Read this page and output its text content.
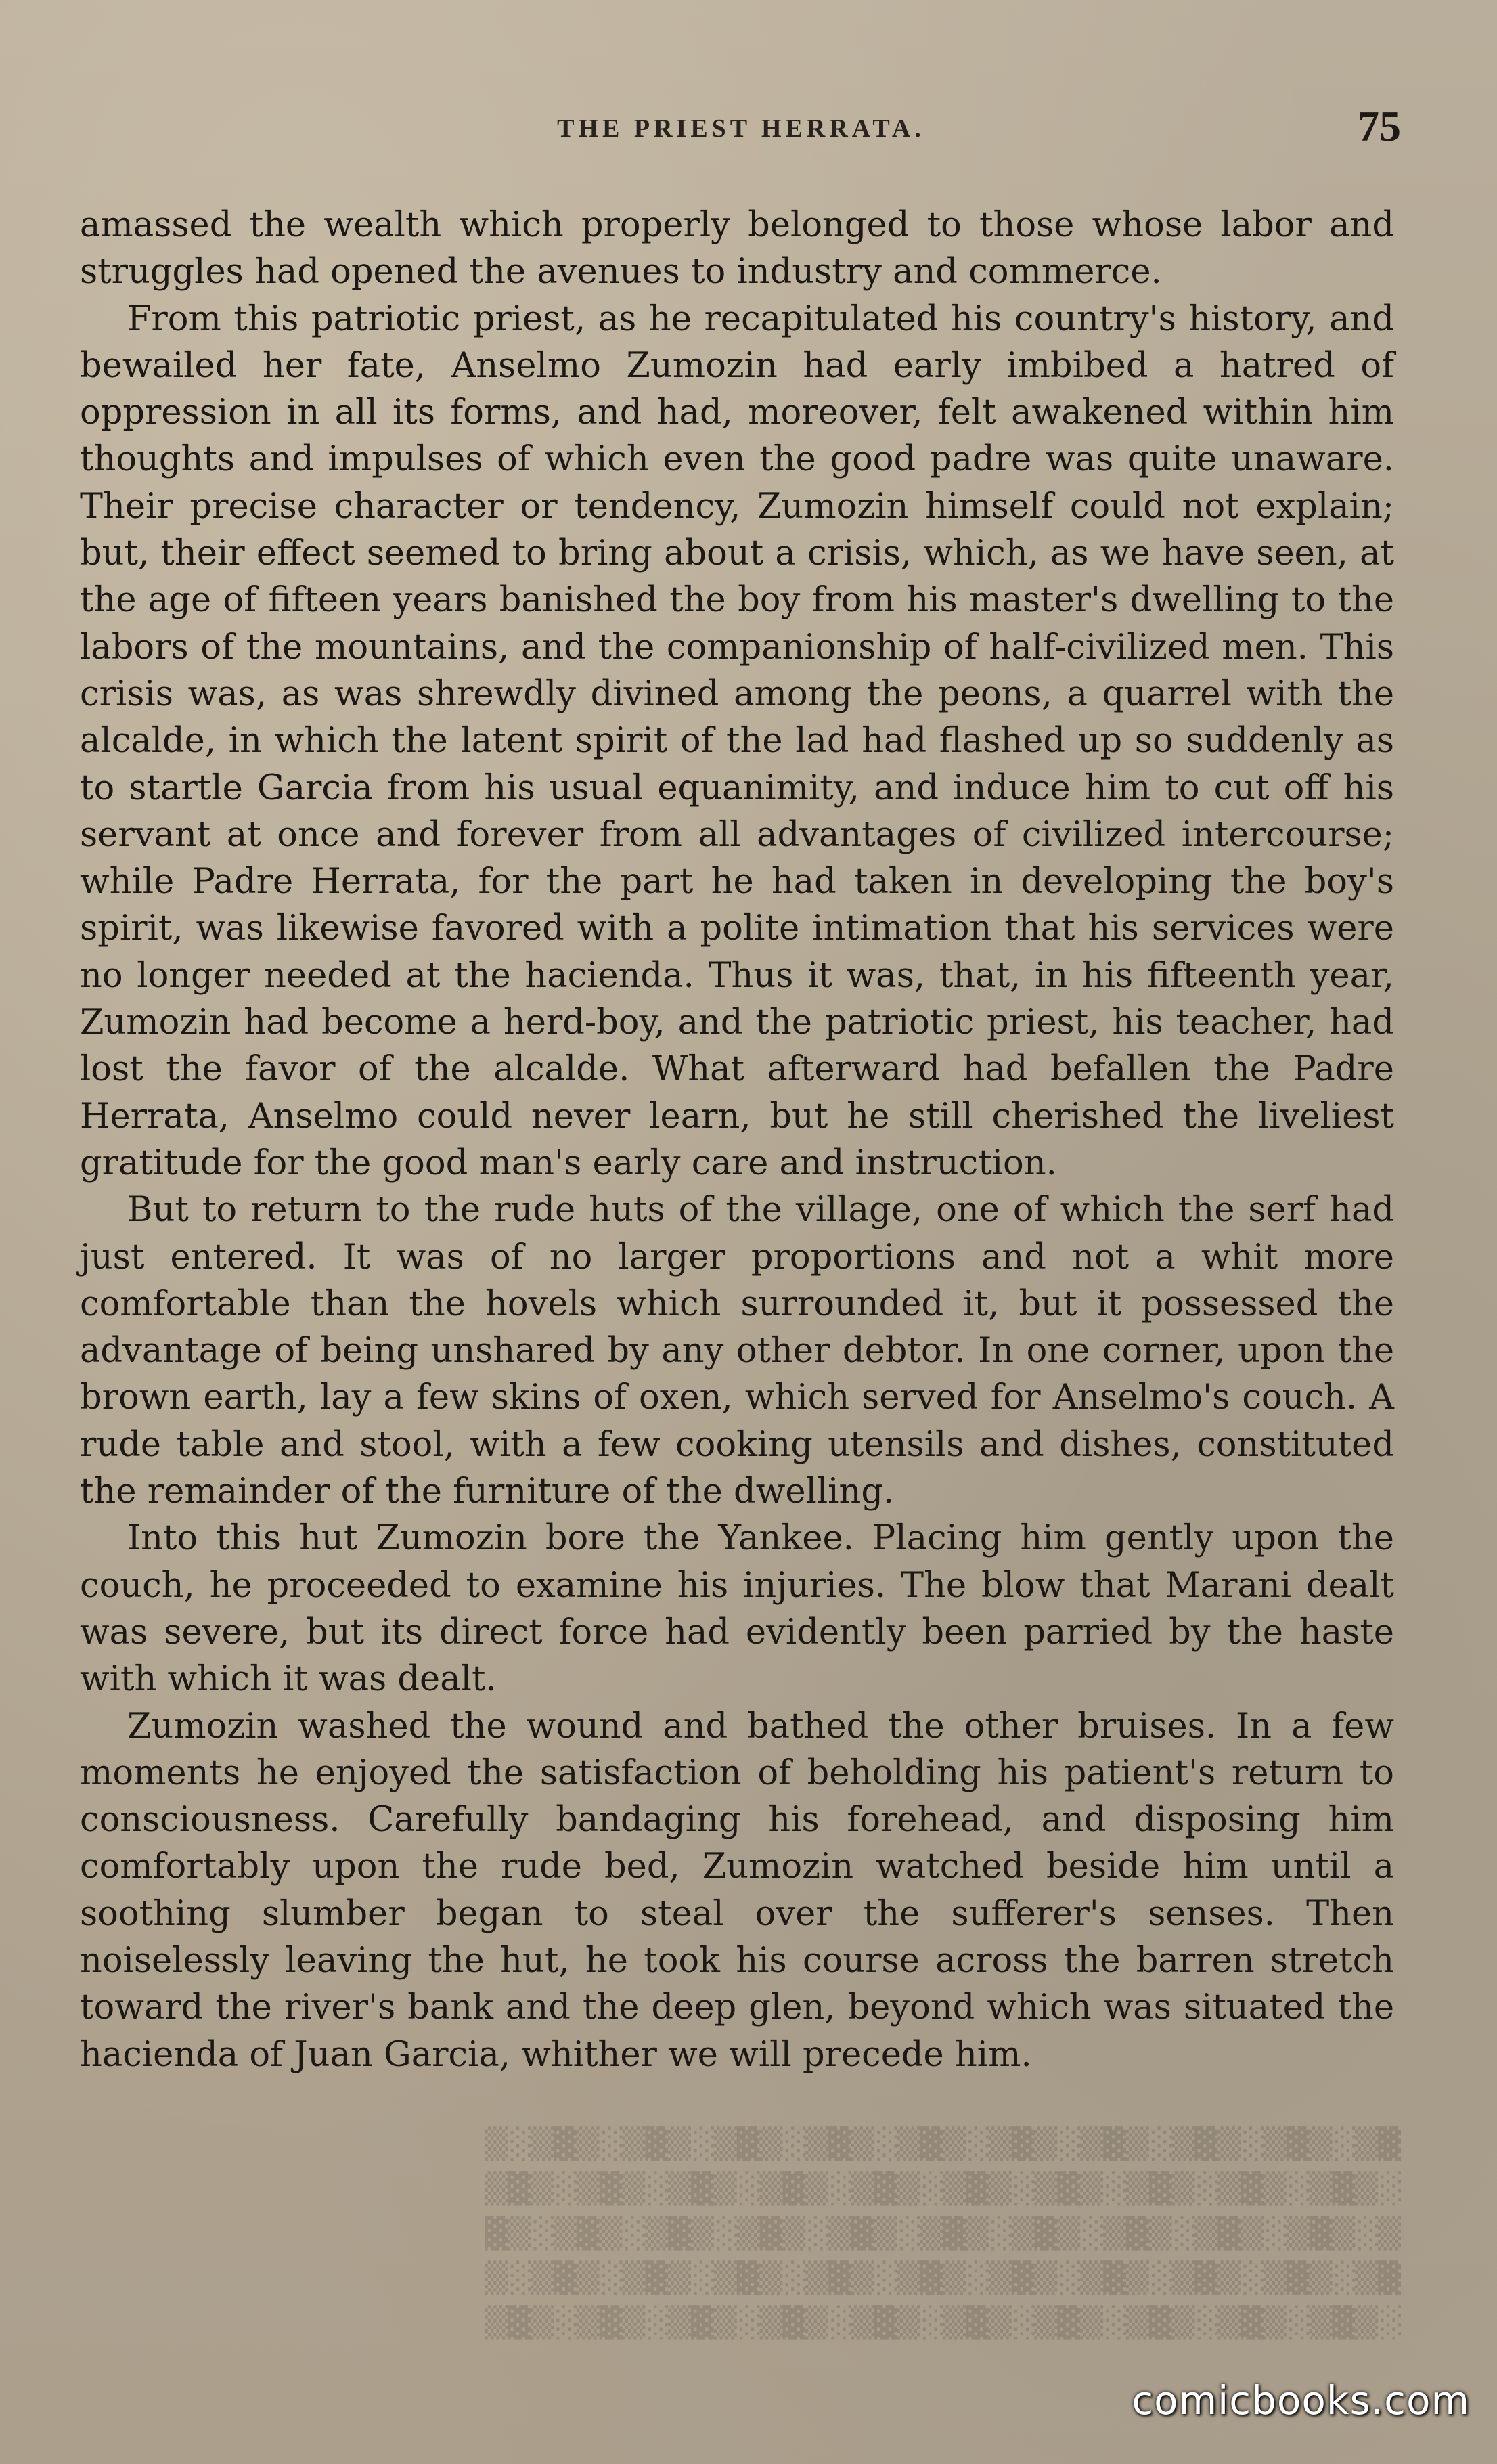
THE PRIEST HERRATA.	75

amassed the wealth which properly belonged to those whose labor and struggles had opened the avenues to industry and commerce.

From this patriotic priest, as he recapitulated his country's history, and bewailed her fate, Anselmo Zumozin had early imbibed a hatred of oppression in all its forms, and had, moreover, felt awakened within him thoughts and impulses of which even the good padre was quite unaware. Their precise character or tendency, Zumozin himself could not explain; but, their effect seemed to bring about a crisis, which, as we have seen, at the age of fifteen years banished the boy from his master's dwelling to the labors of the mountains, and the companionship of half-civilized men. This crisis was, as was shrewdly divined among the peons, a quarrel with the alcalde, in which the latent spirit of the lad had flashed up so suddenly as to startle Garcia from his usual equanimity, and induce him to cut off his servant at once and forever from all advantages of civilized intercourse; while Padre Herrata, for the part he had taken in developing the boy's spirit, was likewise favored with a polite intimation that his services were no longer needed at the hacienda. Thus it was, that, in his fifteenth year, Zumozin had become a herd-boy, and the patriotic priest, his teacher, had lost the favor of the alcalde. What afterward had befallen the Padre Herrata, Anselmo could never learn, but he still cherished the liveliest gratitude for the good man's early care and instruction.

But to return to the rude huts of the village, one of which the serf had just entered. It was of no larger proportions and not a whit more comfortable than the hovels which surrounded it, but it possessed the advantage of being unshared by any other debtor. In one corner, upon the brown earth, lay a few skins of oxen, which served for Anselmo's couch. A rude table and stool, with a few cooking utensils and dishes, constituted the remainder of the furniture of the dwelling.

Into this hut Zumozin bore the Yankee. Placing him gently upon the couch, he proceeded to examine his injuries. The blow that Marani dealt was severe, but its direct force had evidently been parried by the haste with which it was dealt.

Zumozin washed the wound and bathed the other bruises. In a few moments he enjoyed the satisfaction of beholding his patient's return to consciousness. Carefully bandaging his forehead, and disposing him comfortably upon the rude bed, Zumozin watched beside him until a soothing slumber began to steal over the sufferer's senses. Then noiselessly leaving the hut, he took his course across the barren stretch toward the river's bank and the deep glen, beyond which was situated the hacienda of Juan Garcia, whither we will precede him.

▓▒░▒▓▒░▒▓▒░▒▓▒░▒▓▒░▒▓▒░▒▓▒░▒▓▒░▒▓▒░▒▓▒░▒
░▒▓▒░▒▓▒░▒▓▒░▒▓▒░▒▓▒░▒▓▒░▒▓▒░▒▓▒░▒▓▒░▒▓▒
▒░▒▓▒░▒▓▒░▒▓▒░▒▓▒░▒▓▒░▒▓▒░▒▓▒░▒▓▒░▒▓▒░▒▓
▓▒░▒▓▒░▒▓▒░▒▓▒░▒▓▒░▒▓▒░▒▓▒░▒▓▒░▒▓▒░▒▓▒░▒
░▒▓▒░▒▓▒░▒▓▒░▒▓▒░▒▓▒░▒▓▒░▒▓▒░▒▓▒░▒▓▒░▒▓▒
comicbooks.com
